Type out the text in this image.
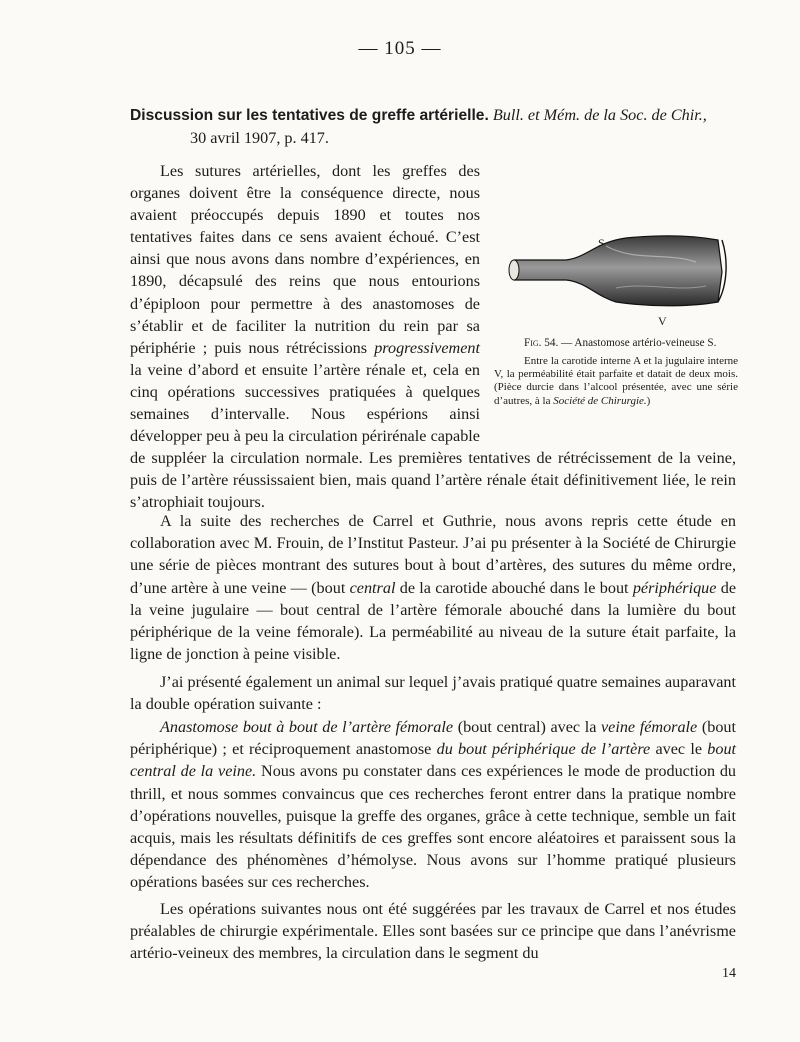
— 105 —
Discussion sur les tentatives de greffe artérielle. Bull. et Mém. de la Soc. de Chir.,
30 avril 1907, p. 417.
S
V
Fig. 54. — Anastomose artério-veineuse S.
Entre la carotide interne A et la jugulaire interne V, la perméabilité était parfaite et datait de deux mois. (Pièce durcie dans l’alcool présentée, avec une série d’autres, à la Société de Chirurgie.)
Les sutures artérielles, dont les greffes des organes doivent être la conséquence directe, nous avaient préoccupés depuis 1890 et toutes nos tentatives faites dans ce sens avaient échoué. C’est ainsi que nous avons dans nombre d’expériences, en 1890, décapsulé des reins que nous entourions d’épiploon pour permettre à des anastomoses de s’établir et de faciliter la nutrition du rein par sa périphérie ; puis nous rétrécissions progressivement la veine d’abord et ensuite l’artère rénale et, cela en cinq opérations successives pratiquées à quelques semaines d’intervalle. Nous espérions ainsi développer peu à peu la circulation périrénale capable de suppléer la circulation normale. Les premières tentatives de rétrécissement de la veine, puis de l’artère réussissaient bien, mais quand l’artère rénale était définitivement liée, le rein s’atrophiait toujours.
A la suite des recherches de Carrel et Guthrie, nous avons repris cette étude en collaboration avec M. Frouin, de l’Institut Pasteur. J’ai pu présenter à la Société de Chirurgie une série de pièces montrant des sutures bout à bout d’artères, des sutures du même ordre, d’une artère à une veine — (bout central de la carotide abouché dans le bout périphérique de la veine jugulaire — bout central de l’artère fémorale abouché dans la lumière du bout périphérique de la veine fémorale). La perméabilité au niveau de la suture était parfaite, la ligne de jonction à peine visible.
J’ai présenté également un animal sur lequel j’avais pratiqué quatre semaines auparavant la double opération suivante :
Anastomose bout à bout de l’artère fémorale (bout central) avec la veine fémorale (bout périphérique) ; et réciproquement anastomose du bout périphérique de l’artère avec le bout central de la veine. Nous avons pu constater dans ces expériences le mode de production du thrill, et nous sommes convaincus que ces recherches feront entrer dans la pratique nombre d’opérations nouvelles, puisque la greffe des organes, grâce à cette technique, semble un fait acquis, mais les résultats définitifs de ces greffes sont encore aléatoires et paraissent sous la dépendance des phénomènes d’hémolyse. Nous avons sur l’homme pratiqué plusieurs opérations basées sur ces recherches.
Les opérations suivantes nous ont été suggérées par les travaux de Carrel et nos études préalables de chirurgie expérimentale. Elles sont basées sur ce principe que dans l’anévrisme artério-veineux des membres, la circulation dans le segment du
14
